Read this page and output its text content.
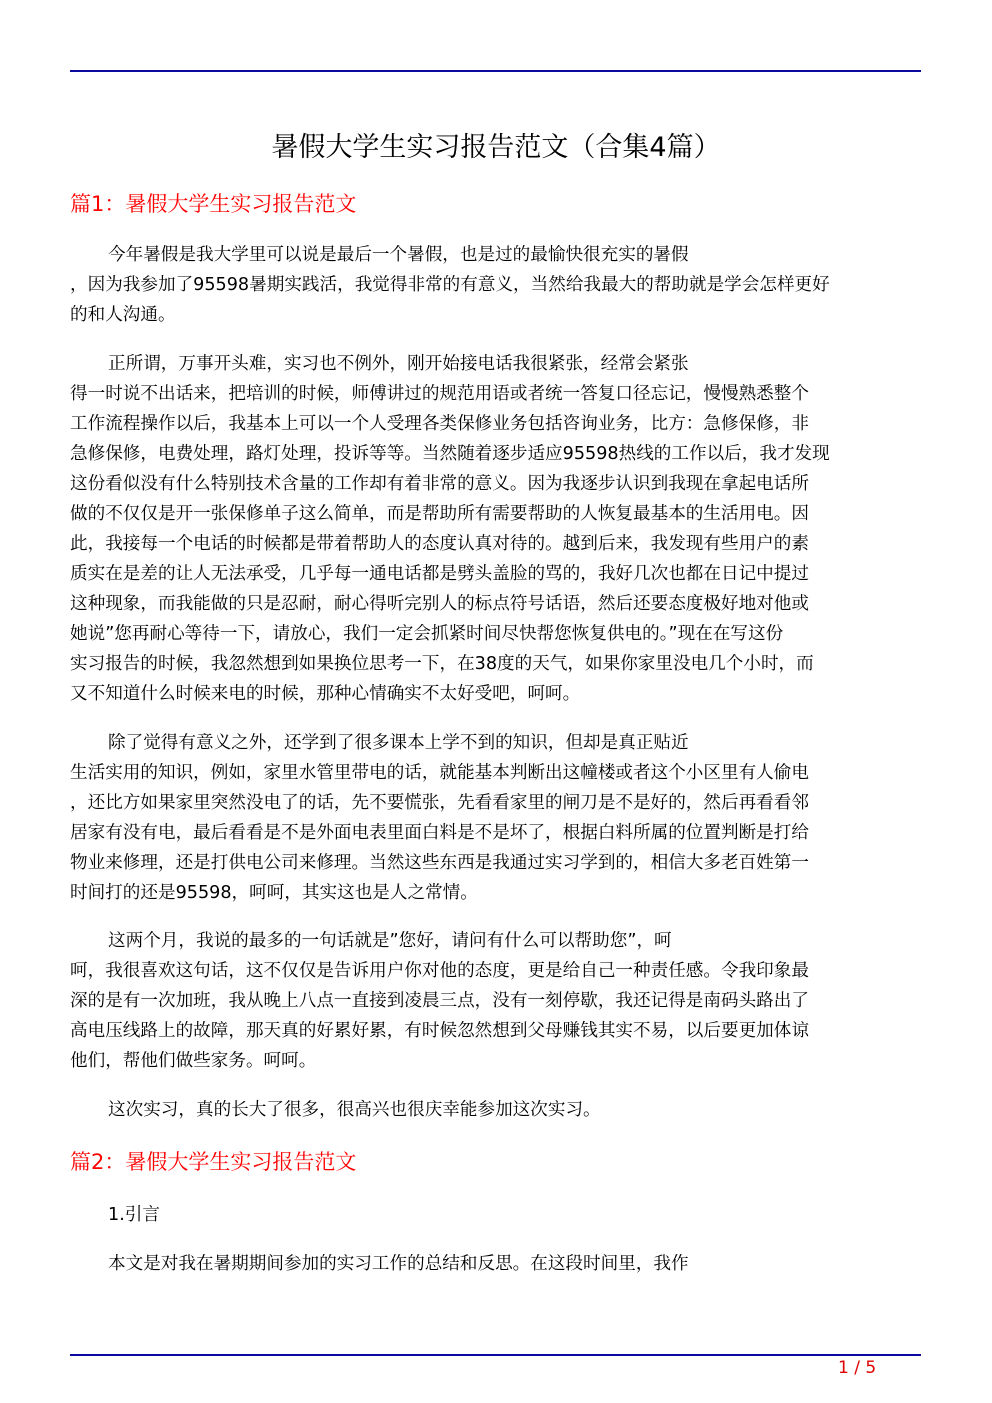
暑假大学生实习报告范文（合集4篇）
篇1：暑假大学生实习报告范文
今年暑假是我大学里可以说是最后一个暑假，也是过的最愉快很充实的暑假
，因为我参加了95598暑期实践活，我觉得非常的有意义，当然给我最大的帮助就是学会怎样更好
的和人沟通。
正所谓，万事开头难，实习也不例外，刚开始接电话我很紧张，经常会紧张
得一时说不出话来，把培训的时候，师傅讲过的规范用语或者统一答复口径忘记，慢慢熟悉整个
工作流程操作以后，我基本上可以一个人受理各类保修业务包括咨询业务，比方：急修保修，非
急修保修，电费处理，路灯处理，投诉等等。当然随着逐步适应95598热线的工作以后，我才发现
这份看似没有什么特别技术含量的工作却有着非常的意义。因为我逐步认识到我现在拿起电话所
做的不仅仅是开一张保修单子这么简单，而是帮助所有需要帮助的人恢复最基本的生活用电。因
此，我接每一个电话的时候都是带着帮助人的态度认真对待的。越到后来，我发现有些用户的素
质实在是差的让人无法承受，几乎每一通电话都是劈头盖脸的骂的，我好几次也都在日记中提过
这种现象，而我能做的只是忍耐，耐心得听完别人的标点符号话语，然后还要态度极好地对他或
她说”您再耐心等待一下，请放心，我们一定会抓紧时间尽快帮您恢复供电的。”现在在写这份
实习报告的时候，我忽然想到如果换位思考一下，在38度的天气，如果你家里没电几个小时，而
又不知道什么时候来电的时候，那种心情确实不太好受吧，呵呵。
除了觉得有意义之外，还学到了很多课本上学不到的知识，但却是真正贴近
生活实用的知识，例如，家里水管里带电的话，就能基本判断出这幢楼或者这个小区里有人偷电
，还比方如果家里突然没电了的话，先不要慌张，先看看家里的闸刀是不是好的，然后再看看邻
居家有没有电，最后看看是不是外面电表里面白料是不是坏了，根据白料所属的位置判断是打给
物业来修理，还是打供电公司来修理。当然这些东西是我通过实习学到的，相信大多老百姓第一
时间打的还是95598，呵呵，其实这也是人之常情。
这两个月，我说的最多的一句话就是”您好，请问有什么可以帮助您”，呵
呵，我很喜欢这句话，这不仅仅是告诉用户你对他的态度，更是给自己一种责任感。令我印象最
深的是有一次加班，我从晚上八点一直接到凌晨三点，没有一刻停歇，我还记得是南码头路出了
高电压线路上的故障，那天真的好累好累，有时候忽然想到父母赚钱其实不易，以后要更加体谅
他们，帮他们做些家务。呵呵。
这次实习，真的长大了很多，很高兴也很庆幸能参加这次实习。
篇2：暑假大学生实习报告范文
1.引言
本文是对我在暑期期间参加的实习工作的总结和反思。在这段时间里，我作
1 / 5
